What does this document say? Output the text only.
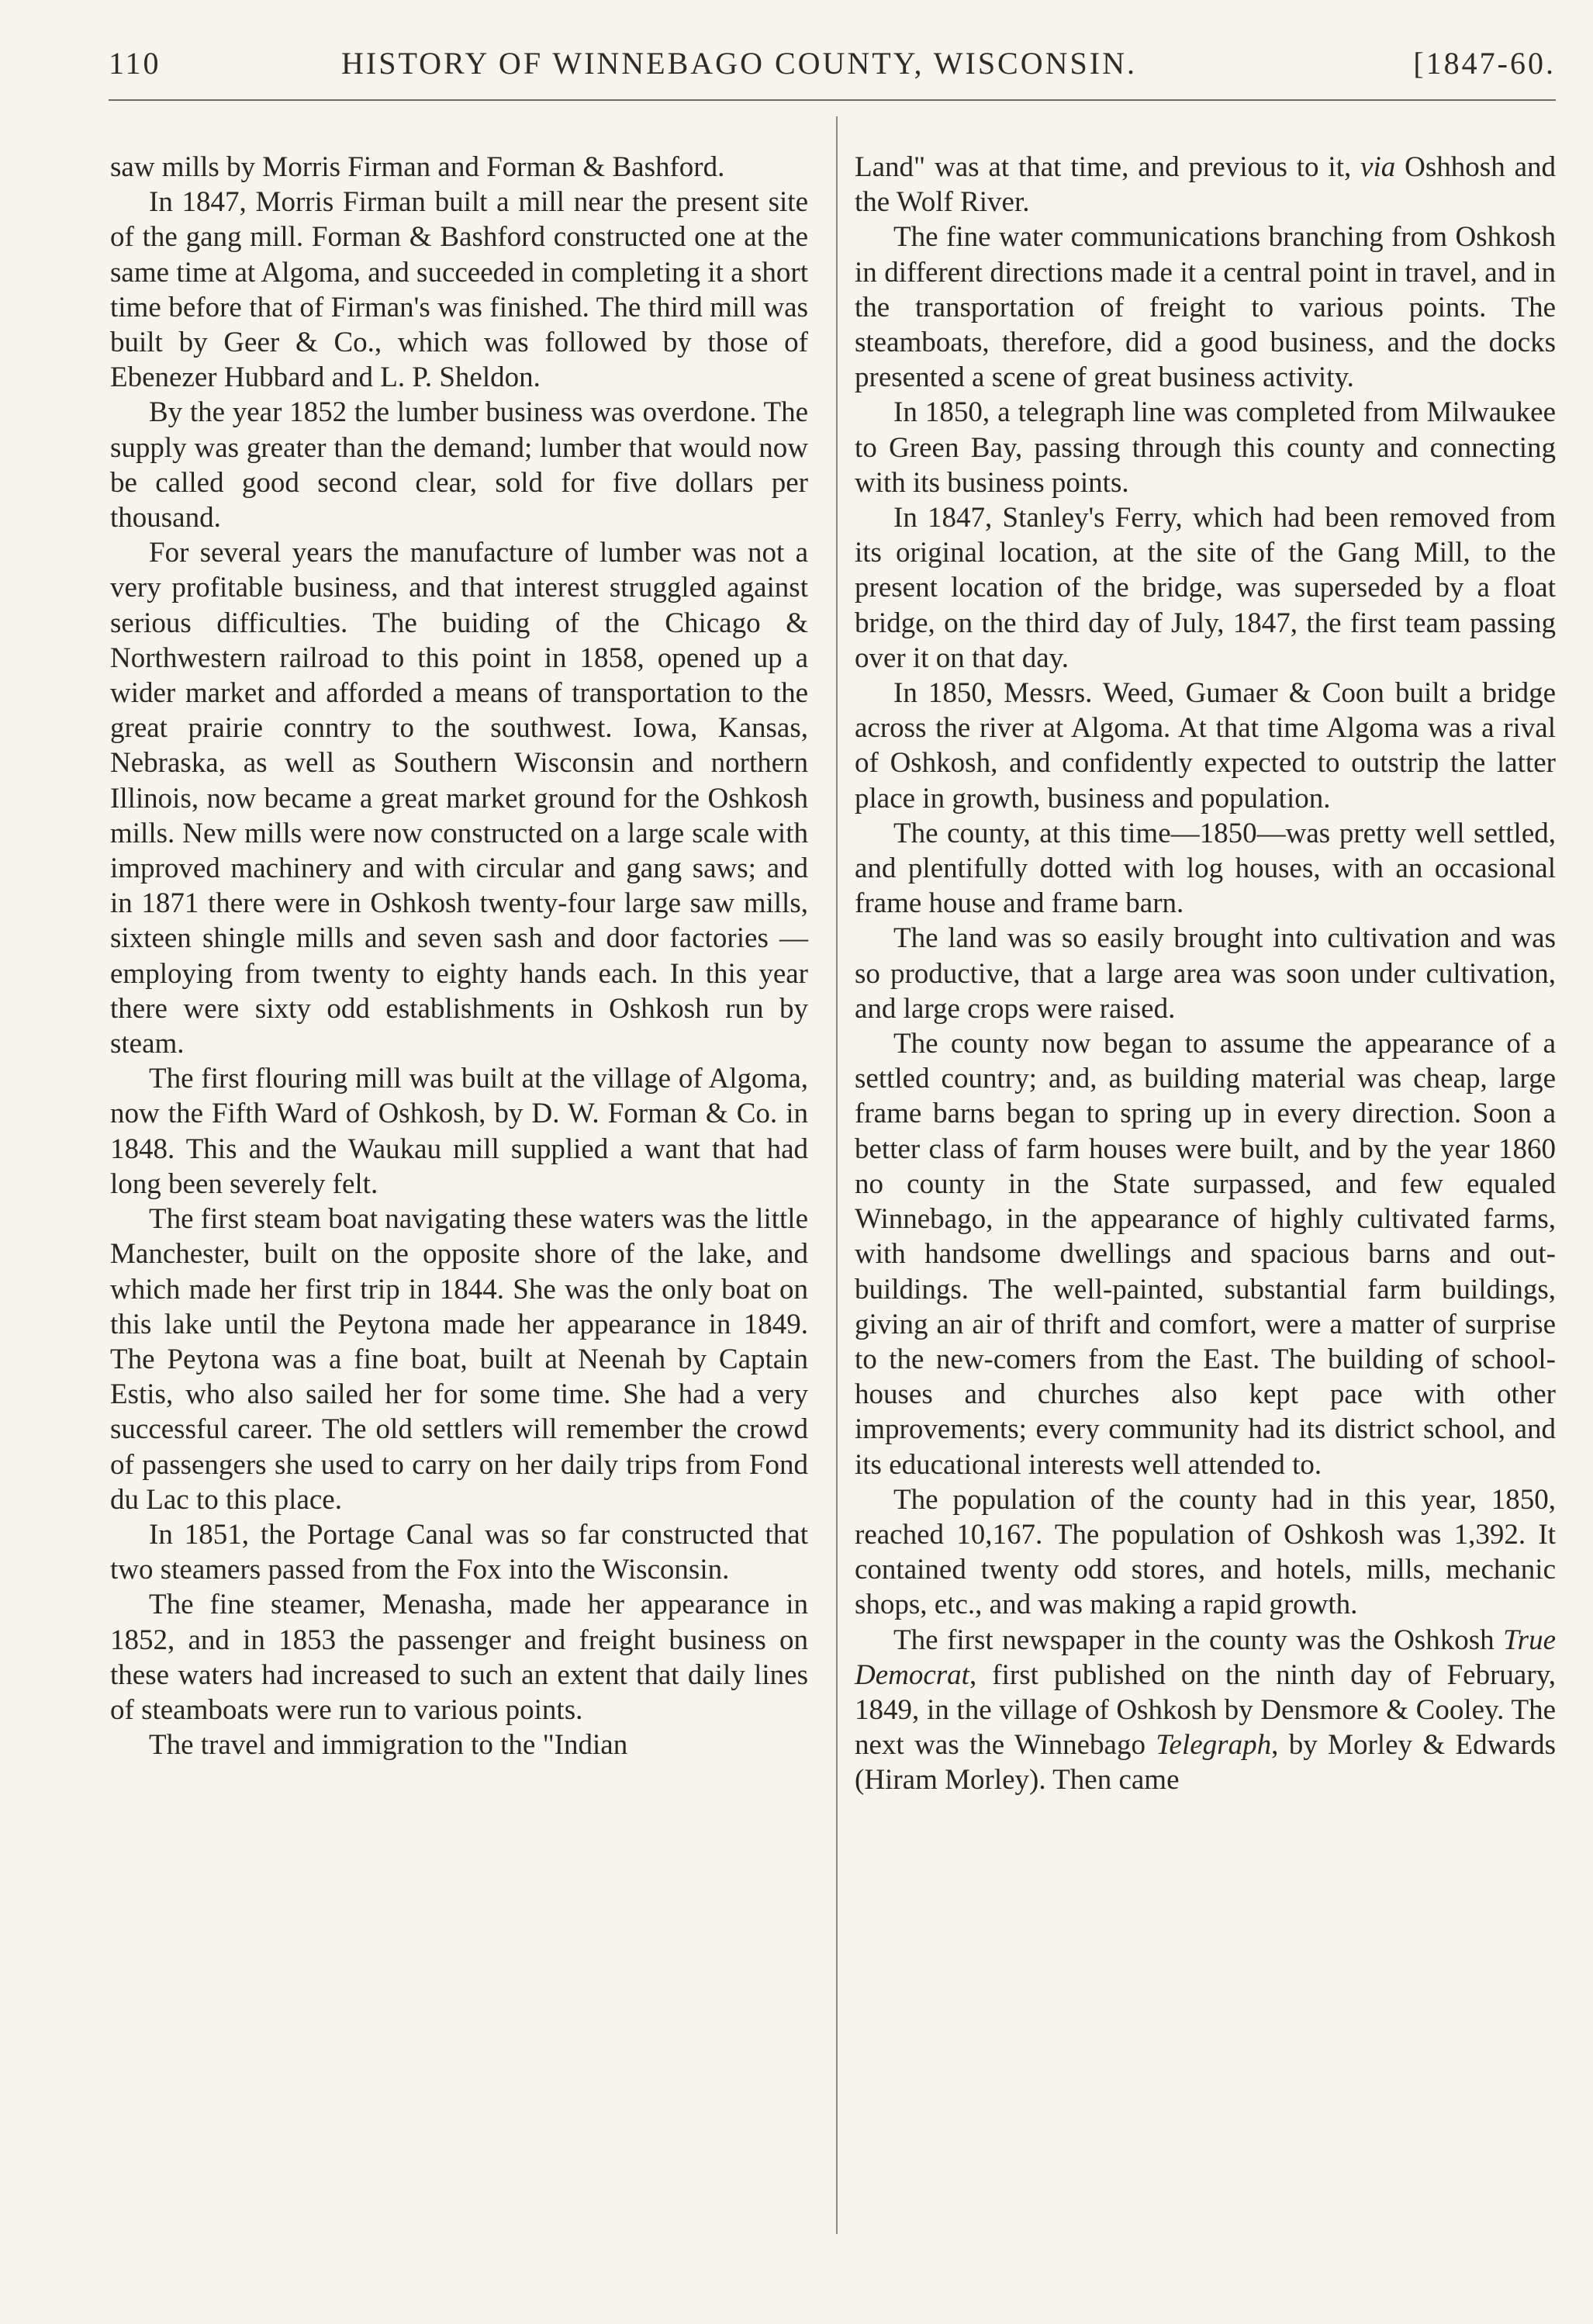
110	HISTORY OF WINNEBAGO COUNTY, WISCONSIN.	[1847-60.

saw mills by Morris Firman and Forman & Bashford.

In 1847, Morris Firman built a mill near the present site of the gang mill. Forman & Bashford constructed one at the same time at Algoma, and succeeded in completing it a short time before that of Firman's was finished. The third mill was built by Geer & Co., which was followed by those of Ebenezer Hubbard and L. P. Sheldon.

By the year 1852 the lumber business was overdone. The supply was greater than the demand; lumber that would now be called good second clear, sold for five dollars per thousand.

For several years the manufacture of lumber was not a very profitable business, and that interest struggled against serious difficulties. The buiding of the Chicago & Northwestern railroad to this point in 1858, opened up a wider market and afforded a means of transportation to the great prairie conntry to the southwest. Iowa, Kansas, Nebraska, as well as Southern Wisconsin and northern Illinois, now became a great market ground for the Oshkosh mills. New mills were now constructed on a large scale with improved machinery and with circular and gang saws; and in 1871 there were in Oshkosh twenty-four large saw mills, sixteen shingle mills and seven sash and door factories — employing from twenty to eighty hands each. In this year there were sixty odd establishments in Oshkosh run by steam.

The first flouring mill was built at the village of Algoma, now the Fifth Ward of Oshkosh, by D. W. Forman & Co. in 1848. This and the Waukau mill supplied a want that had long been severely felt.

The first steam boat navigating these waters was the little Manchester, built on the opposite shore of the lake, and which made her first trip in 1844. She was the only boat on this lake until the Peytona made her appearance in 1849. The Peytona was a fine boat, built at Neenah by Captain Estis, who also sailed her for some time. She had a very successful career. The old settlers will remember the crowd of passengers she used to carry on her daily trips from Fond du Lac to this place.

In 1851, the Portage Canal was so far constructed that two steamers passed from the Fox into the Wisconsin.

The fine steamer, Menasha, made her appearance in 1852, and in 1853 the passenger and freight business on these waters had increased to such an extent that daily lines of steamboats were run to various points.

The travel and immigration to the "Indian

Land" was at that time, and previous to it, via Oshhosh and the Wolf River.

The fine water communications branching from Oshkosh in different directions made it a central point in travel, and in the transportation of freight to various points. The steamboats, therefore, did a good business, and the docks presented a scene of great business activity.

In 1850, a telegraph line was completed from Milwaukee to Green Bay, passing through this county and connecting with its business points.

In 1847, Stanley's Ferry, which had been removed from its original location, at the site of the Gang Mill, to the present location of the bridge, was superseded by a float bridge, on the third day of July, 1847, the first team passing over it on that day.

In 1850, Messrs. Weed, Gumaer & Coon built a bridge across the river at Algoma. At that time Algoma was a rival of Oshkosh, and confidently expected to outstrip the latter place in growth, business and population.

The county, at this time—1850—was pretty well settled, and plentifully dotted with log houses, with an occasional frame house and frame barn.

The land was so easily brought into cultivation and was so productive, that a large area was soon under cultivation, and large crops were raised.

The county now began to assume the appearance of a settled country; and, as building material was cheap, large frame barns began to spring up in every direction. Soon a better class of farm houses were built, and by the year 1860 no county in the State surpassed, and few equaled Winnebago, in the appearance of highly cultivated farms, with handsome dwellings and spacious barns and out-buildings. The well-painted, substantial farm buildings, giving an air of thrift and comfort, were a matter of surprise to the new-comers from the East. The building of school-houses and churches also kept pace with other improvements; every community had its district school, and its educational interests well attended to.

The population of the county had in this year, 1850, reached 10,167. The population of Oshkosh was 1,392. It contained twenty odd stores, and hotels, mills, mechanic shops, etc., and was making a rapid growth.

The first newspaper in the county was the Oshkosh True Democrat, first published on the ninth day of February, 1849, in the village of Oshkosh by Densmore & Cooley. The next was the Winnebago Telegraph, by Morley & Edwards (Hiram Morley). Then came
